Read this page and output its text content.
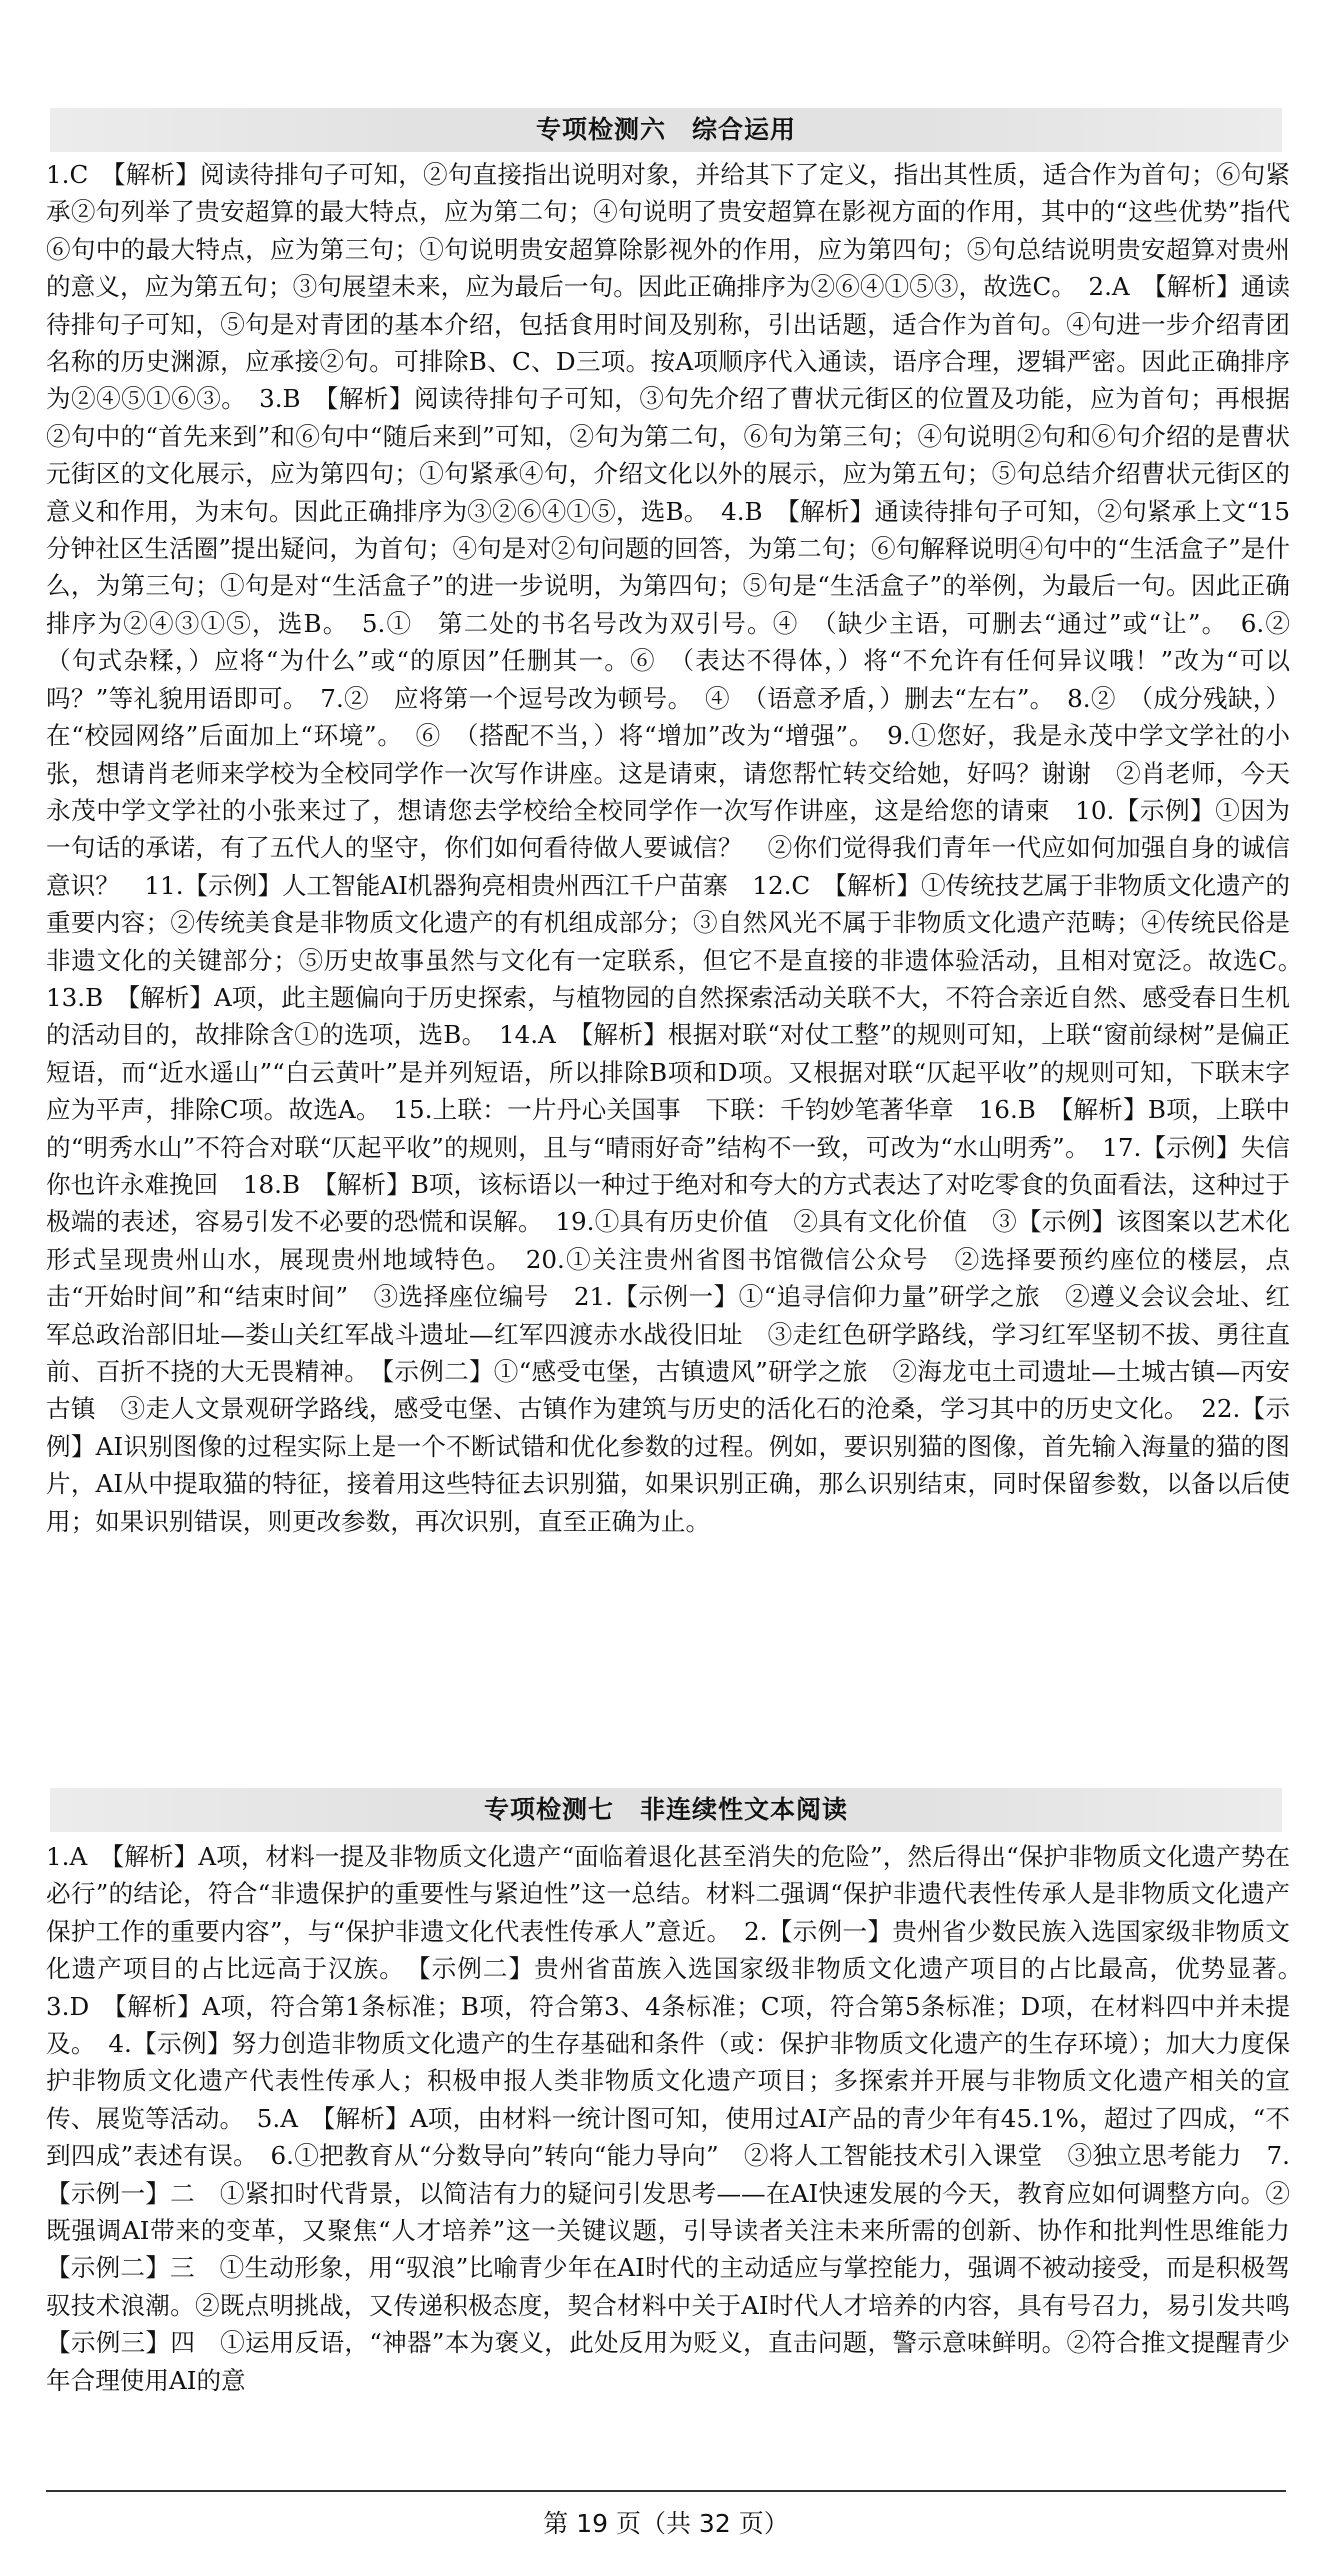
专项检测六　综合运用

1.C　【解析】阅读待排句子可知，②句直接指出说明对象，并给其下了定义，指出其性质，适合作为首句；⑥句紧承②句列举了贵安超算的最大特点，应为第二句；④句说明了贵安超算在影视方面的作用，其中的“这些优势”指代⑥句中的最大特点，应为第三句；①句说明贵安超算除影视外的作用，应为第四句；⑤句总结说明贵安超算对贵州的意义，应为第五句；③句展望未来，应为最后一句。因此正确排序为②⑥④①⑤③，故选C。　2.A　【解析】通读待排句子可知，⑤句是对青团的基本介绍，包括食用时间及别称，引出话题，适合作为首句。④句进一步介绍青团名称的历史渊源，应承接②句。可排除B、C、D三项。按A项顺序代入通读，语序合理，逻辑严密。因此正确排序为②④⑤①⑥③。　3.B　【解析】阅读待排句子可知，③句先介绍了曹状元街区的位置及功能，应为首句；再根据②句中的“首先来到”和⑥句中“随后来到”可知，②句为第二句，⑥句为第三句；④句说明②句和⑥句介绍的是曹状元街区的文化展示，应为第四句；①句紧承④句，介绍文化以外的展示，应为第五句；⑤句总结介绍曹状元街区的意义和作用，为末句。因此正确排序为③②⑥④①⑤，选B。　4.B　【解析】通读待排句子可知，②句紧承上文“15分钟社区生活圈”提出疑问，为首句；④句是对②句问题的回答，为第二句；⑥句解释说明④句中的“生活盒子”是什么，为第三句；①句是对“生活盒子”的进一步说明，为第四句；⑤句是“生活盒子”的举例，为最后一句。因此正确排序为②④③①⑤，选B。　5.①　第二处的书名号改为双引号。④　（缺少主语，可删去“通过”或“让”。　6.②　（句式杂糅，）应将“为什么”或“的原因”任删其一。⑥　（表达不得体，）将“不允许有任何异议哦！”改为“可以吗？”等礼貌用语即可。　7.②　应将第一个逗号改为顿号。　④　（语意矛盾，）删去“左右”。　8.②　（成分残缺，）在“校园网络”后面加上“环境”。　⑥　（搭配不当，）将“增加”改为“增强”。　9.①您好，我是永茂中学文学社的小张，想请肖老师来学校为全校同学作一次写作讲座。这是请柬，请您帮忙转交给她，好吗？谢谢　②肖老师，今天永茂中学文学社的小张来过了，想请您去学校给全校同学作一次写作讲座，这是给您的请柬　10.【示例】①因为一句话的承诺，有了五代人的坚守，你们如何看待做人要诚信？　②你们觉得我们青年一代应如何加强自身的诚信意识？　11.【示例】人工智能AI机器狗亮相贵州西江千户苗寨　12.C　【解析】①传统技艺属于非物质文化遗产的重要内容；②传统美食是非物质文化遗产的有机组成部分；③自然风光不属于非物质文化遗产范畴；④传统民俗是非遗文化的关键部分；⑤历史故事虽然与文化有一定联系，但它不是直接的非遗体验活动，且相对宽泛。故选C。　13.B　【解析】A项，此主题偏向于历史探索，与植物园的自然探索活动关联不大，不符合亲近自然、感受春日生机的活动目的，故排除含①的选项，选B。　14.A　【解析】根据对联“对仗工整”的规则可知，上联“窗前绿树”是偏正短语，而“近水遥山”“白云黄叶”是并列短语，所以排除B项和D项。又根据对联“仄起平收”的规则可知，下联末字应为平声，排除C项。故选A。　15.上联：一片丹心关国事　下联：千钧妙笔著华章　16.B　【解析】B项，上联中的“明秀水山”不符合对联“仄起平收”的规则，且与“晴雨好奇”结构不一致，可改为“水山明秀”。　17.【示例】失信　你也许永难挽回　18.B　【解析】B项，该标语以一种过于绝对和夸大的方式表达了对吃零食的负面看法，这种过于极端的表述，容易引发不必要的恐慌和误解。　19.①具有历史价值　②具有文化价值　③【示例】该图案以艺术化形式呈现贵州山水，展现贵州地域特色。　20.①关注贵州省图书馆微信公众号　②选择要预约座位的楼层，点击“开始时间”和“结束时间”　③选择座位编号　21.【示例一】①“追寻信仰力量”研学之旅　②遵义会议会址、红军总政治部旧址—娄山关红军战斗遗址—红军四渡赤水战役旧址　③走红色研学路线，学习红军坚韧不拔、勇往直前、百折不挠的大无畏精神。　【示例二】①“感受屯堡，古镇遗风”研学之旅　②海龙屯土司遗址—土城古镇—丙安古镇　③走人文景观研学路线，感受屯堡、古镇作为建筑与历史的活化石的沧桑，学习其中的历史文化。　22.【示例】AI识别图像的过程实际上是一个不断试错和优化参数的过程。例如，要识别猫的图像，首先输入海量的猫的图片，AI从中提取猫的特征，接着用这些特征去识别猫，如果识别正确，那么识别结束，同时保留参数，以备以后使用；如果识别错误，则更改参数，再次识别，直至正确为止。

专项检测七　非连续性文本阅读

1.A　【解析】A项，材料一提及非物质文化遗产“面临着退化甚至消失的危险”，然后得出“保护非物质文化遗产势在必行”的结论，符合“非遗保护的重要性与紧迫性”这一总结。材料二强调“保护非遗代表性传承人是非物质文化遗产保护工作的重要内容”，与“保护非遗文化代表性传承人”意近。　2.【示例一】贵州省少数民族入选国家级非物质文化遗产项目的占比远高于汉族。　【示例二】贵州省苗族入选国家级非物质文化遗产项目的占比最高，优势显著。　3.D　【解析】A项，符合第1条标准；B项，符合第3、4条标准；C项，符合第5条标准；D项，在材料四中并未提及。　4.【示例】努力创造非物质文化遗产的生存基础和条件（或：保护非物质文化遗产的生存环境）；加大力度保护非物质文化遗产代表性传承人；积极申报人类非物质文化遗产项目；多探索并开展与非物质文化遗产相关的宣传、展览等活动。　5.A　【解析】A项，由材料一统计图可知，使用过AI产品的青少年有45.1%，超过了四成，“不到四成”表述有误。　6.①把教育从“分数导向”转向“能力导向”　②将人工智能技术引入课堂　③独立思考能力　7.【示例一】二　①紧扣时代背景，以简洁有力的疑问引发思考——在AI快速发展的今天，教育应如何调整方向。②既强调AI带来的变革，又聚焦“人才培养”这一关键议题，引导读者关注未来所需的创新、协作和批判性思维能力　【示例二】三　①生动形象，用“驭浪”比喻青少年在AI时代的主动适应与掌控能力，强调不被动接受，而是积极驾驭技术浪潮。②既点明挑战，又传递积极态度，契合材料中关于AI时代人才培养的内容，具有号召力，易引发共鸣　【示例三】四　①运用反语，“神器”本为褒义，此处反用为贬义，直击问题，警示意味鲜明。②符合推文提醒青少年合理使用AI的意

第 19 页（共 32 页）
